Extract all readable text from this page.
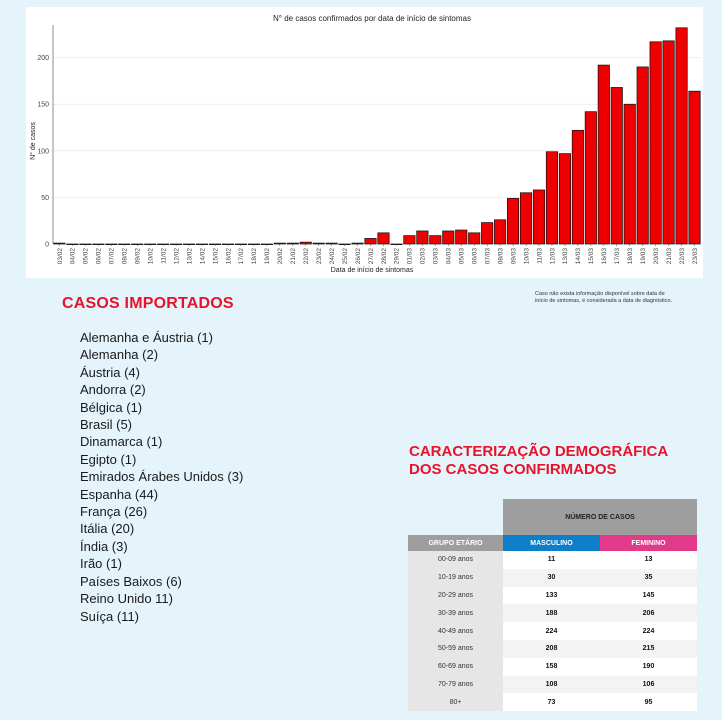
N° de casos confirmados por data de início de sintomas
0
50
100
150
200
03/02 04/02 05/02 06/02 07/02 08/02 09/02 10/02 11/02 12/02 13/02 14/02 15/02 16/02 17/02 18/02 19/02 20/02 21/02 22/02 23/02 24/02 25/02 26/02 27/02 28/02 29/02 01/03 02/03 03/03 04/03 05/03 06/03 07/03 08/03 09/03 10/03 11/03 12/03 13/03 14/03 15/03 16/03 17/03 18/03 19/03 20/03 21/03 22/03 23/03
Data de início de sintomas
N° de casos
Caso não exista informação disponível sobre data de
início de sintomas, é considerada a data de diagnóstico.
CASOS IMPORTADOS
Alemanha e Áustria (1)
Alemanha (2)
Áustria (4)
Andorra (2)
Bélgica (1)
Brasil (5)
Dinamarca (1)
Egipto (1)
Emirados Árabes Unidos (3)
Espanha (44)
França (26)
Itália (20)
Índia (3)
Irão (1)
Países Baixos (6)
Reino Unido 11)
Suíça (11)
CARACTERIZAÇÃO DEMOGRÁFICA
DOS CASOS CONFIRMADOS
NÚMERO DE CASOS
GRUPO ETÁRIO	MASCULINO	FEMININO
00-09 anos	11	13
10-19 anos	30	35
20-29 anos	133	145
30-39 anos	188	206
40-49 anos	224	224
50-59 anos	208	215
60-69 anos	158	190
70-79 anos	108	106
80+	73	95
